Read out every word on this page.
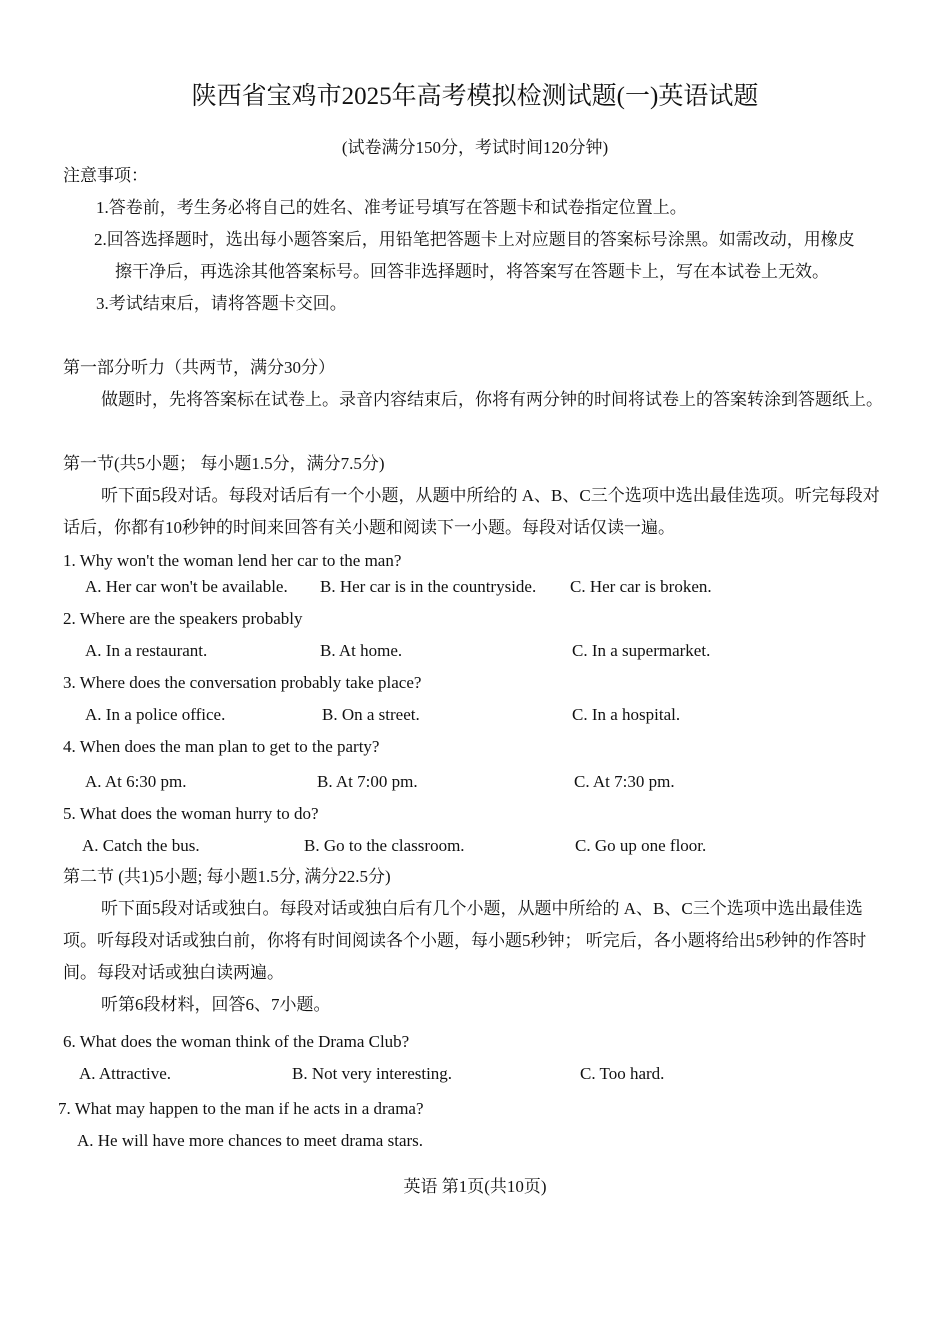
陕西省宝鸡市2025年高考模拟检测试题(一)英语试题
(试卷满分150分，考试时间120分钟)
注意事项：
1.答卷前，考生务必将自己的姓名、准考证号填写在答题卡和试卷指定位置上。
2.回答选择题时，选出每小题答案后，用铅笔把答题卡上对应题目的答案标号涂黑。如需改动，用橡皮
擦干净后，再选涂其他答案标号。回答非选择题时，将答案写在答题卡上，写在本试卷上无效。
3.考试结束后，请将答题卡交回。
第一部分听力（共两节，满分30分）
做题时，先将答案标在试卷上。录音内容结束后，你将有两分钟的时间将试卷上的答案转涂到答题纸上。
第一节(共5小题； 每小题1.5分，满分7.5分)
听下面5段对话。每段对话后有一个小题，从题中所给的 A、B、C三个选项中选出最佳选项。听完每段对话后，你都有10秒钟的时间来回答有关小题和阅读下一小题。每段对话仅读一遍。
1. Why won't the woman lend her car to the man?
A. Her car won't be available. B. Her car is in the countryside. C. Her car is broken.
2. Where are the speakers probably
A. In a restaurant.	B. At home.	C. In a supermarket.
3. Where does the conversation probably take place?
A. In a police office.	B. On a street.	C. In a hospital.
4. When does the man plan to get to the party?
A. At 6:30 pm.	B. At 7:00 pm.	C. At 7:30 pm.
5. What does the woman hurry to do?
A. Catch the bus.	B. Go to the classroom.	C. Go up one floor.
第二节 (共1)5小题; 每小题1.5分, 满分22.5分)
听下面5段对话或独白。每段对话或独白后有几个小题，从题中所给的 A、B、C三个选项中选出最佳选项。听每段对话或独白前，你将有时间阅读各个小题，每小题5秒钟； 听完后，各小题将给出5秒钟的作答时间。每段对话或独白读两遍。
听第6段材料，回答6、7小题。
6. What does the woman think of the Drama Club?
A. Attractive.	B. Not very interesting.	C. Too hard.
7. What may happen to the man if he acts in a drama?
A. He will have more chances to meet drama stars.
英语 第1页(共10页)
